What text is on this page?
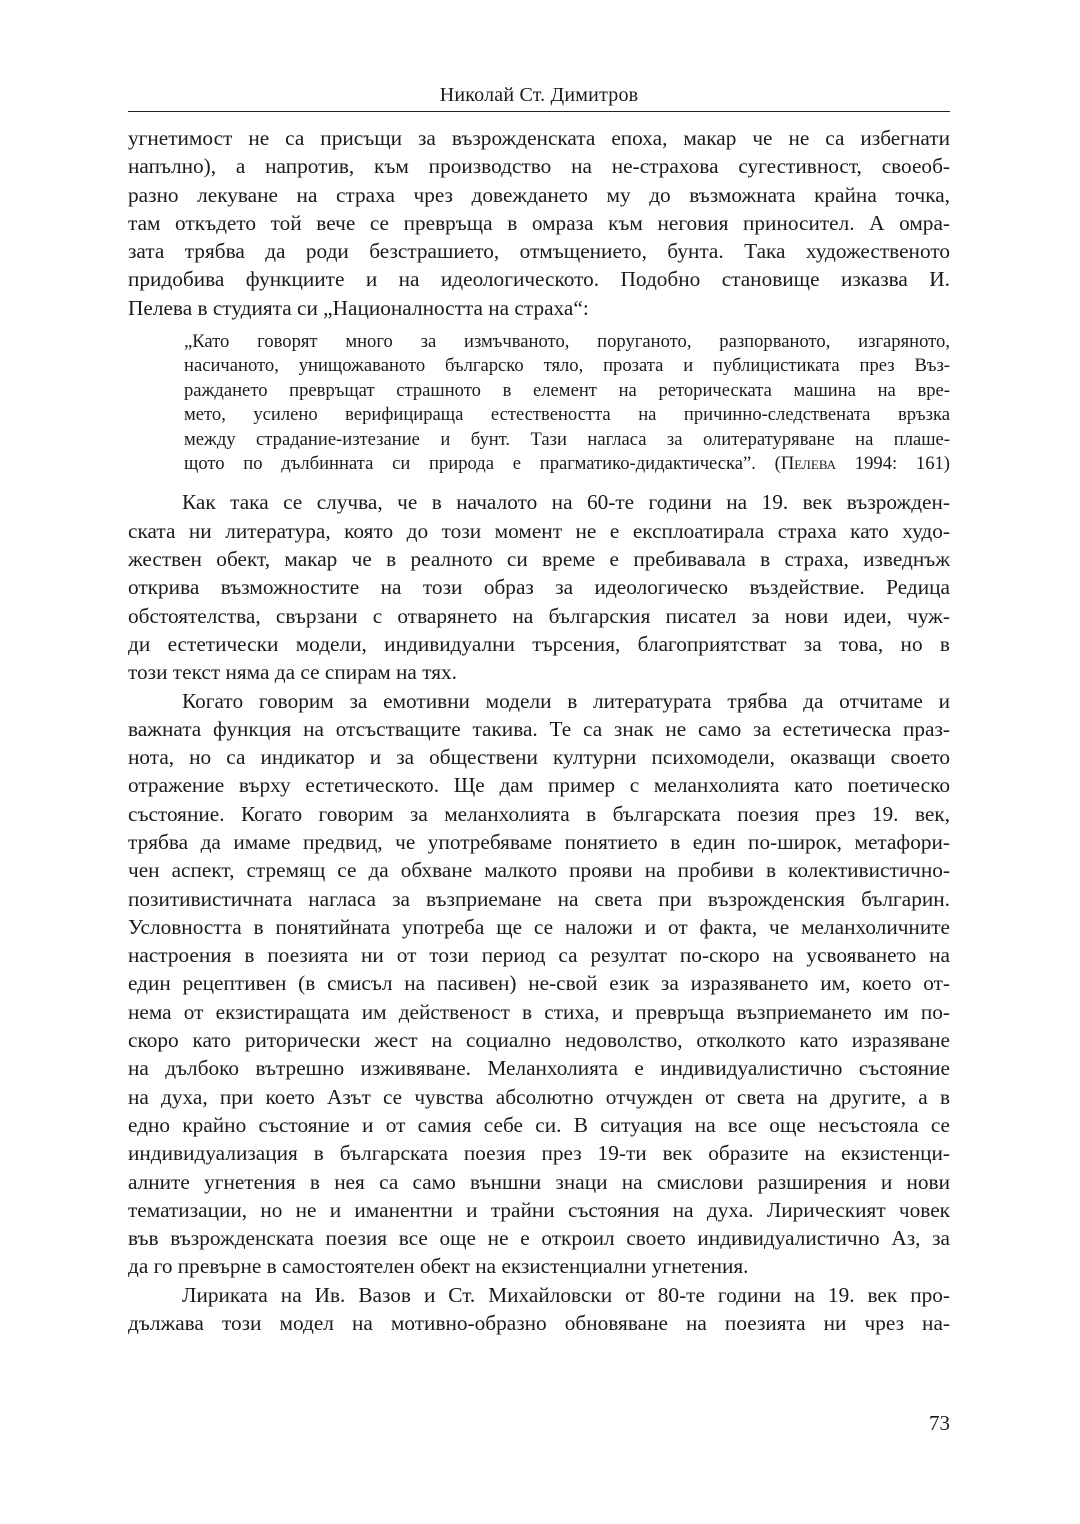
Николай Ст. Димитров
угнетимост не са присъщи за възрожденската епоха, макар че не са избегнати
напълно), а напротив, към производство на не-страхова сугестивност, своеоб-
разно лекуване на страха чрез довеждането му до възможната крайна точка,
там откъдето той вече се превръща в омраза към неговия приносител. А омра-
зата трябва да роди безстрашието, отмъщението, бунта. Така художественото
придобива функциите и на идеологическото. Подобно становище изказва И.
Пелева в студията си „Националността на страха“:
„Като говорят много за измъчваното, поруганото, разпорваното, изгаряното,
насичаното, унищожаваното българско тяло, прозата и публицистиката през Въз-
раждането превръщат страшното в елемент на реторическата машина на вре-
мето, усилено верифицираща естествеността на причинно-следствената връзка
между страдание-изтезание и бунт. Тази нагласа за олитературяване на плаше-
щото по дълбинната си природа е прагматико-дидактическа”. (Пелева 1994: 161)
Как така се случва, че в началото на 60-те години на 19. век възрожден-
ската ни литература, която до този момент не е експлоатирала страха като худо-
жествен обект, макар че в реалното си време е пребивавала в страха, изведнъж
открива възможностите на този образ за идеологическо въздействие. Редица
обстоятелства, свързани с отварянето на българския писател за нови идеи, чуж-
ди естетически модели, индивидуални търсения, благоприятстват за това, но в
този текст няма да се спирам на тях.
Когато говорим за емотивни модели в литературата трябва да отчитаме и
важната функция на отсъстващите такива. Те са знак не само за естетическа праз-
нота, но са индикатор и за обществени културни психомодели, оказващи своето
отражение върху естетическото. Ще дам пример с меланхолията като поетическо
състояние. Когато говорим за меланхолията в българската поезия през 19. век,
трябва да имаме предвид, че употребяваме понятието в един по-широк, метафори-
чен аспект, стремящ се да обхване малкото прояви на пробиви в колективистично-
позитивистичната нагласа за възприемане на света при възрожденския българин.
Условността в понятийната употреба ще се наложи и от факта, че меланхоличните
настроения в поезията ни от този период са резултат по-скоро на усвояването на
един рецептивен (в смисъл на пасивен) не-свой език за изразяването им, което от-
нема от екзистиращата им действеност в стиха, и превръща възприемането им по-
скоро като риторически жест на социално недоволство, отколкото като изразяване
на дълбоко вътрешно изживяване. Меланхолията е индивидуалистично състояние
на духа, при което Азът се чувства абсолютно отчужден от света на другите, а в
едно крайно състояние и от самия себе си. В ситуация на все още несъстояла се
индивидуализация в българската поезия през 19-ти век образите на екзистенци-
алните угнетения в нея са само външни знаци на смислови разширения и нови
тематизации, но не и иманентни и трайни състояния на духа. Лирическият човек
във възрожденската поезия все още не е откроил своето индивидуалистично Аз, за
да го превърне в самостоятелен обект на екзистенциални угнетения.
Лириката на Ив. Вазов и Ст. Михайловски от 80-те години на 19. век про-
дължава този модел на мотивно-образно обновяване на поезията ни чрез на-
73
